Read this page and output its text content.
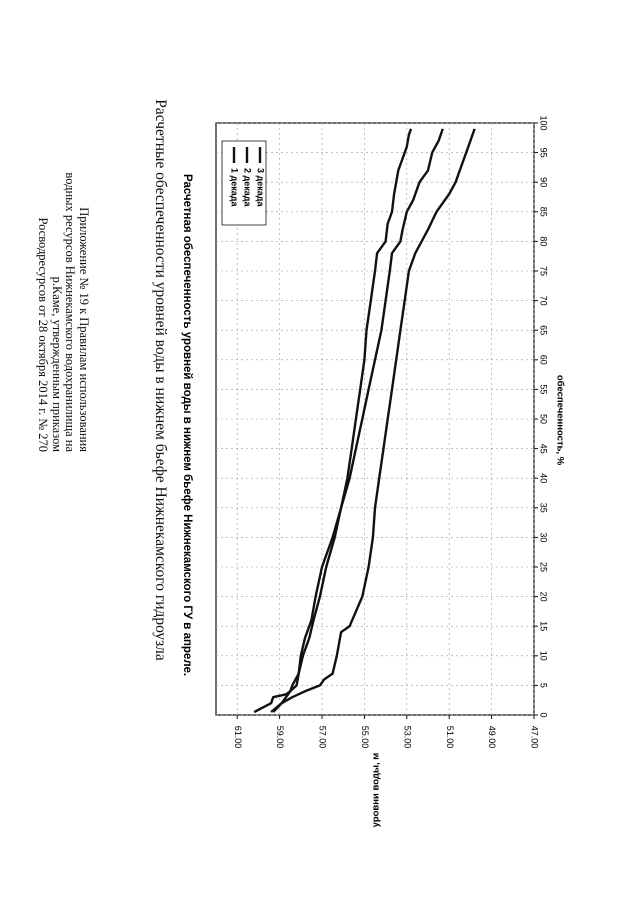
Приложение № 19 к Правилам использования
водных ресурсов Нижнекамского водохранилища на
р.Каме, утвержденным приказом
Росводресурсов от 28 октября 2014 г. № 270	Расчетные обеспеченности уровней воды в нижнем бьефе Нижнекамского гидроузла
0
5
10
15
20
25
30
35
40
45
50
55
60
65
70
75
80
85
90
95
100
47.00
49.00
51.00
53.00
55.00
57.00
59.00
61.00
обеспеченность, %
уровни воды, м
Расчетная обеспеченность уровней воды в нижнем бьефе Нижнекамского ГУ в апреле.	1 декада 2 декада 3 декада
